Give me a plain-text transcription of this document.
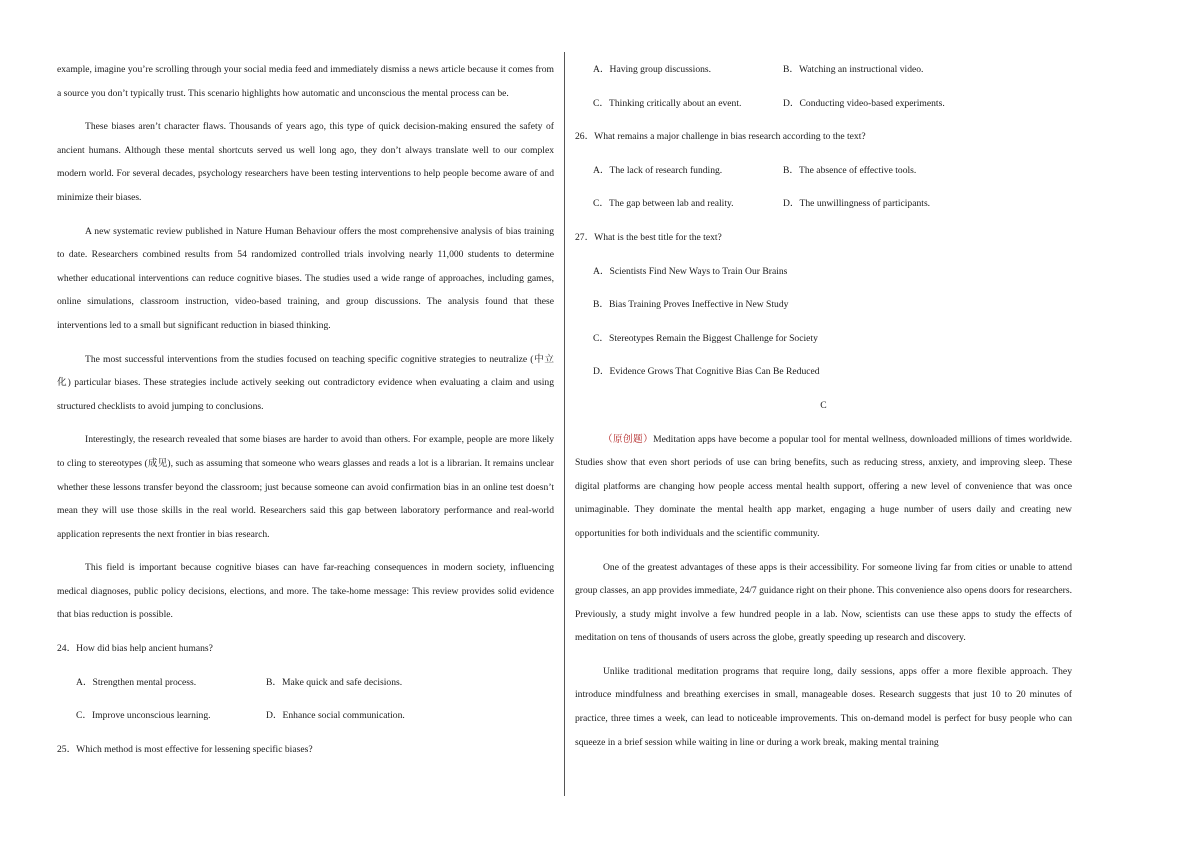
example, imagine you’re scrolling through your social media feed and immediately dismiss a news article because it comes from a source you don’t typically trust. This scenario highlights how automatic and unconscious the mental process can be.

These biases aren’t character flaws. Thousands of years ago, this type of quick decision-making ensured the safety of ancient humans. Although these mental shortcuts served us well long ago, they don’t always translate well to our complex modern world. For several decades, psychology researchers have been testing interventions to help people become aware of and minimize their biases.

A new systematic review published in Nature Human Behaviour offers the most comprehensive analysis of bias training to date. Researchers combined results from 54 randomized controlled trials involving nearly 11,000 students to determine whether educational interventions can reduce cognitive biases. The studies used a wide range of approaches, including games, online simulations, classroom instruction, video-based training, and group discussions. The analysis found that these interventions led to a small but significant reduction in biased thinking.

The most successful interventions from the studies focused on teaching specific cognitive strategies to neutralize (中立化) particular biases. These strategies include actively seeking out contradictory evidence when evaluating a claim and using structured checklists to avoid jumping to conclusions.

Interestingly, the research revealed that some biases are harder to avoid than others. For example, people are more likely to cling to stereotypes (成见), such as assuming that someone who wears glasses and reads a lot is a librarian. It remains unclear whether these lessons transfer beyond the classroom; just because someone can avoid confirmation bias in an online test doesn’t mean they will use those skills in the real world. Researchers said this gap between laboratory performance and real-world application represents the next frontier in bias research.

This field is important because cognitive biases can have far-reaching consequences in modern society, influencing medical diagnoses, public policy decisions, elections, and more. The take-home message: This review provides solid evidence that bias reduction is possible.

24．How did bias help ancient humans?
A．Strengthen mental process.	B．Make quick and safe decisions.
C．Improve unconscious learning.	D．Enhance social communication.
25．Which method is most effective for lessening specific biases?
A．Having group discussions.	B．Watching an instructional video.
C．Thinking critically about an event.	D．Conducting video-based experiments.
26．What remains a major challenge in bias research according to the text?
A．The lack of research funding.	B．The absence of effective tools.
C．The gap between lab and reality.	D．The unwillingness of participants.
27．What is the best title for the text?
A．Scientists Find New Ways to Train Our Brains
B．Bias Training Proves Ineffective in New Study
C．Stereotypes Remain the Biggest Challenge for Society
D．Evidence Grows That Cognitive Bias Can Be Reduced
C

（原创题）Meditation apps have become a popular tool for mental wellness, downloaded millions of times worldwide. Studies show that even short periods of use can bring benefits, such as reducing stress, anxiety, and improving sleep. These digital platforms are changing how people access mental health support, offering a new level of convenience that was once unimaginable. They dominate the mental health app market, engaging a huge number of users daily and creating new opportunities for both individuals and the scientific community.

One of the greatest advantages of these apps is their accessibility. For someone living far from cities or unable to attend group classes, an app provides immediate, 24/7 guidance right on their phone. This convenience also opens doors for researchers. Previously, a study might involve a few hundred people in a lab. Now, scientists can use these apps to study the effects of meditation on tens of thousands of users across the globe, greatly speeding up research and discovery.

Unlike traditional meditation programs that require long, daily sessions, apps offer a more flexible approach. They introduce mindfulness and breathing exercises in small, manageable doses. Research suggests that just 10 to 20 minutes of practice, three times a week, can lead to noticeable improvements. This on-demand model is perfect for busy people who can squeeze in a brief session while waiting in line or during a work break, making mental training
